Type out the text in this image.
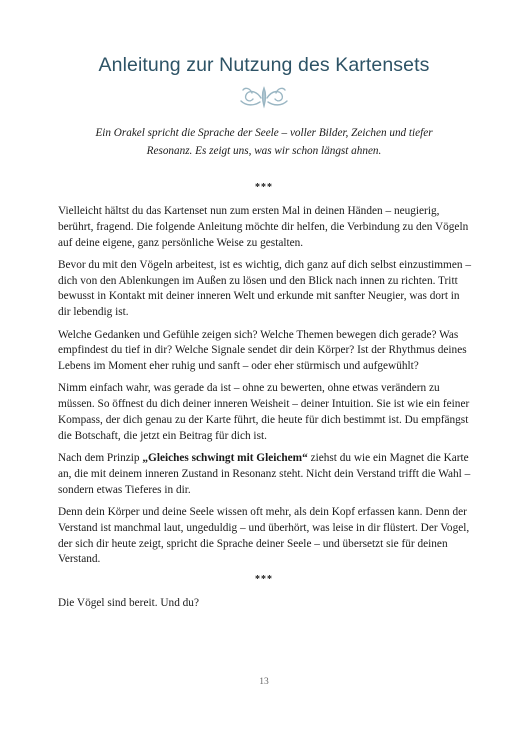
Anleitung zur Nutzung des Kartensets
Ein Orakel spricht die Sprache der Seele – voller Bilder, Zeichen und tiefer Resonanz. Es zeigt uns, was wir schon längst ahnen.
***

Vielleicht hältst du das Kartenset nun zum ersten Mal in deinen Händen – neugierig, berührt, fragend. Die folgende Anleitung möchte dir helfen, die Verbindung zu den Vögeln auf deine eigene, ganz persönliche Weise zu gestalten.

Bevor du mit den Vögeln arbeitest, ist es wichtig, dich ganz auf dich selbst einzustimmen – dich von den Ablenkungen im Außen zu lösen und den Blick nach innen zu richten. Tritt bewusst in Kontakt mit deiner inneren Welt und erkunde mit sanfter Neugier, was dort in dir lebendig ist.

Welche Gedanken und Gefühle zeigen sich? Welche Themen bewegen dich gerade? Was empfindest du tief in dir? Welche Signale sendet dir dein Körper? Ist der Rhythmus deines Lebens im Moment eher ruhig und sanft – oder eher stürmisch und aufgewühlt?

Nimm einfach wahr, was gerade da ist – ohne zu bewerten, ohne etwas verändern zu müssen. So öffnest du dich deiner inneren Weisheit – deiner Intuition. Sie ist wie ein feiner Kompass, der dich genau zu der Karte führt, die heute für dich bestimmt ist. Du empfängst die Botschaft, die jetzt ein Beitrag für dich ist.

Nach dem Prinzip „Gleiches schwingt mit Gleichem“ ziehst du wie ein Magnet die Karte an, die mit deinem inneren Zustand in Resonanz steht. Nicht dein Verstand trifft die Wahl – sondern etwas Tieferes in dir.

Denn dein Körper und deine Seele wissen oft mehr, als dein Kopf erfassen kann. Denn der Verstand ist manchmal laut, ungeduldig – und überhört, was leise in dir flüstert. Der Vogel, der sich dir heute zeigt, spricht die Sprache deiner Seele – und übersetzt sie für deinen Verstand.

***
Die Vögel sind bereit. Und du?
13
